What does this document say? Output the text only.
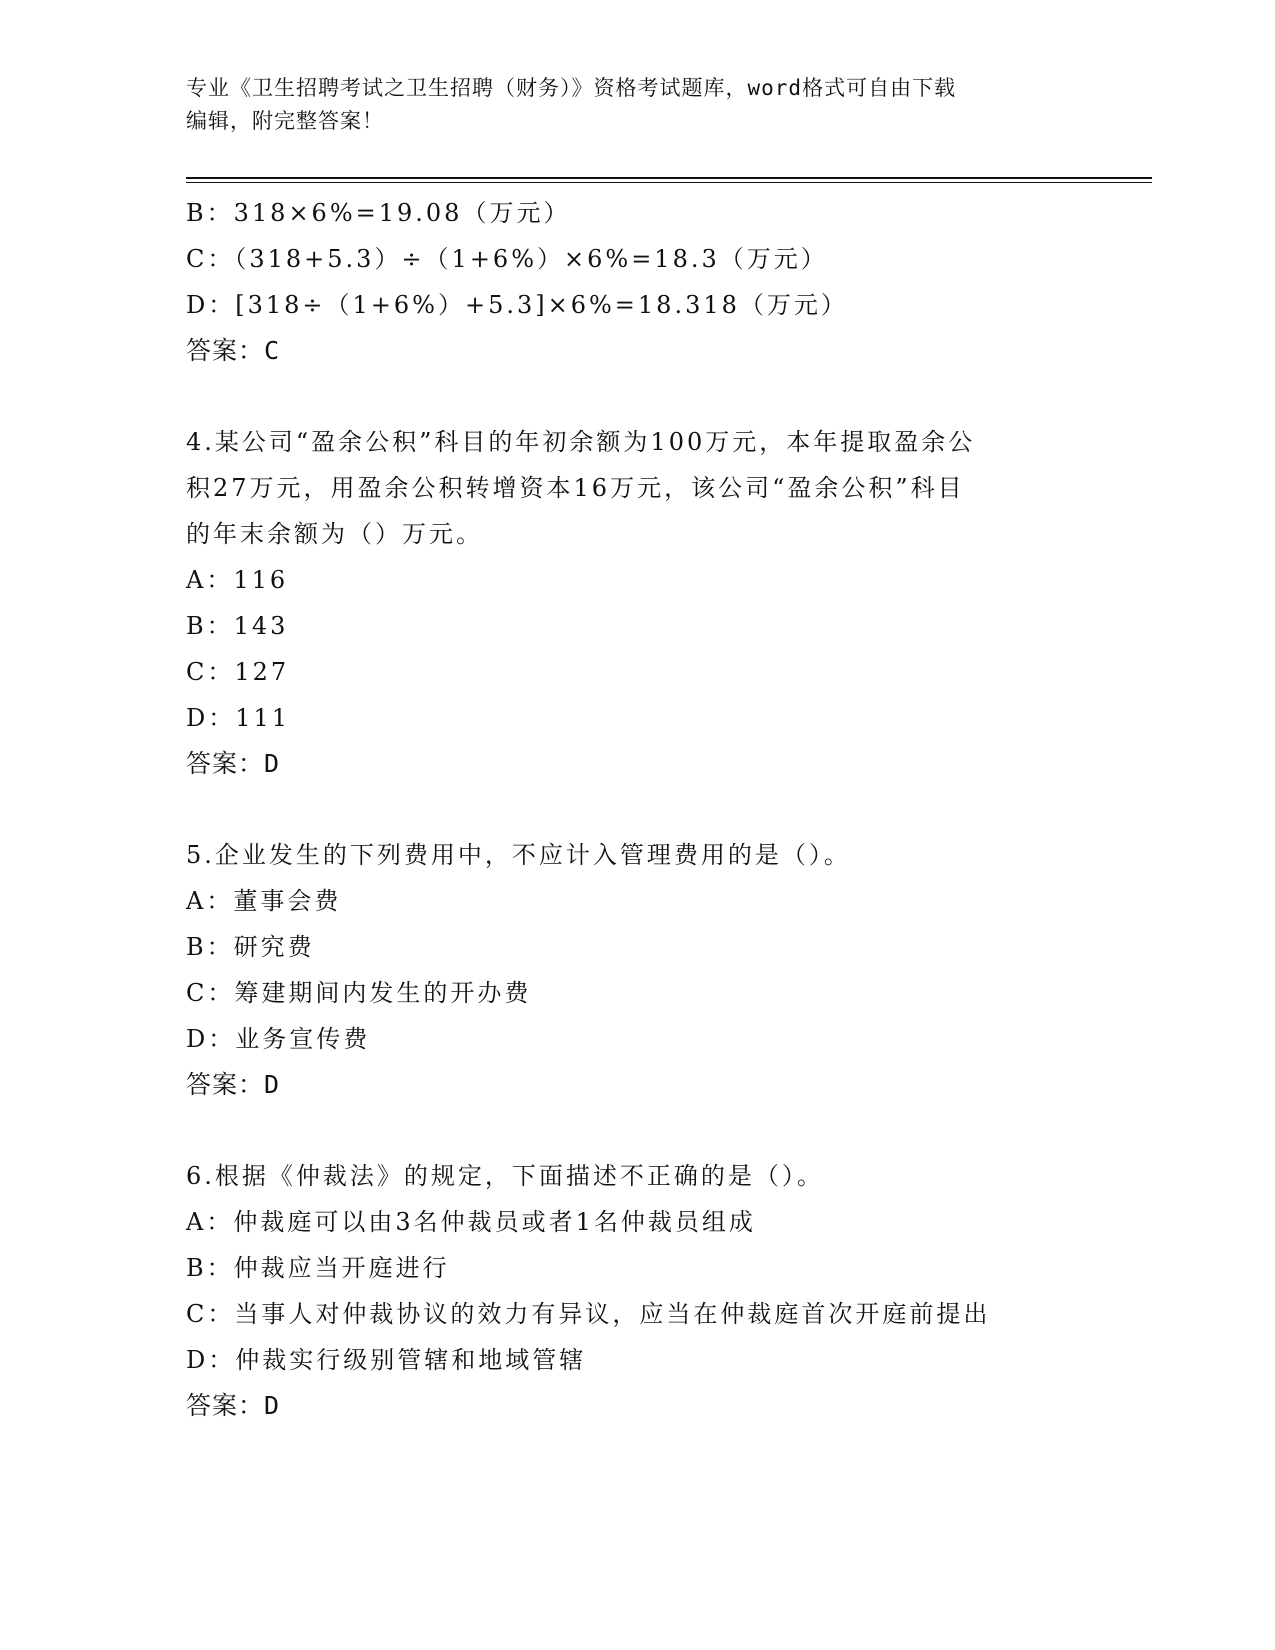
专业《卫生招聘考试之卫生招聘（财务）》资格考试题库，word格式可自由下载
编辑，附完整答案！
B：318×6%=19.08（万元）
C：（318+5.3）÷（1+6%）×6%=18.3（万元）
D：[318÷（1+6%）+5.3]×6%=18.318（万元）
答案：C
4.某公司“盈余公积”科目的年初余额为100万元，本年提取盈余公
积27万元，用盈余公积转增资本16万元，该公司“盈余公积”科目
的年末余额为（）万元。
A：116
B：143
C：127
D：111
答案：D
5.企业发生的下列费用中，不应计入管理费用的是（）。
A：董事会费
B：研究费
C：筹建期间内发生的开办费
D：业务宣传费
答案：D
6.根据《仲裁法》的规定，下面描述不正确的是（）。
A：仲裁庭可以由3名仲裁员或者1名仲裁员组成
B：仲裁应当开庭进行
C：当事人对仲裁协议的效力有异议，应当在仲裁庭首次开庭前提出
D：仲裁实行级别管辖和地域管辖
答案：D
